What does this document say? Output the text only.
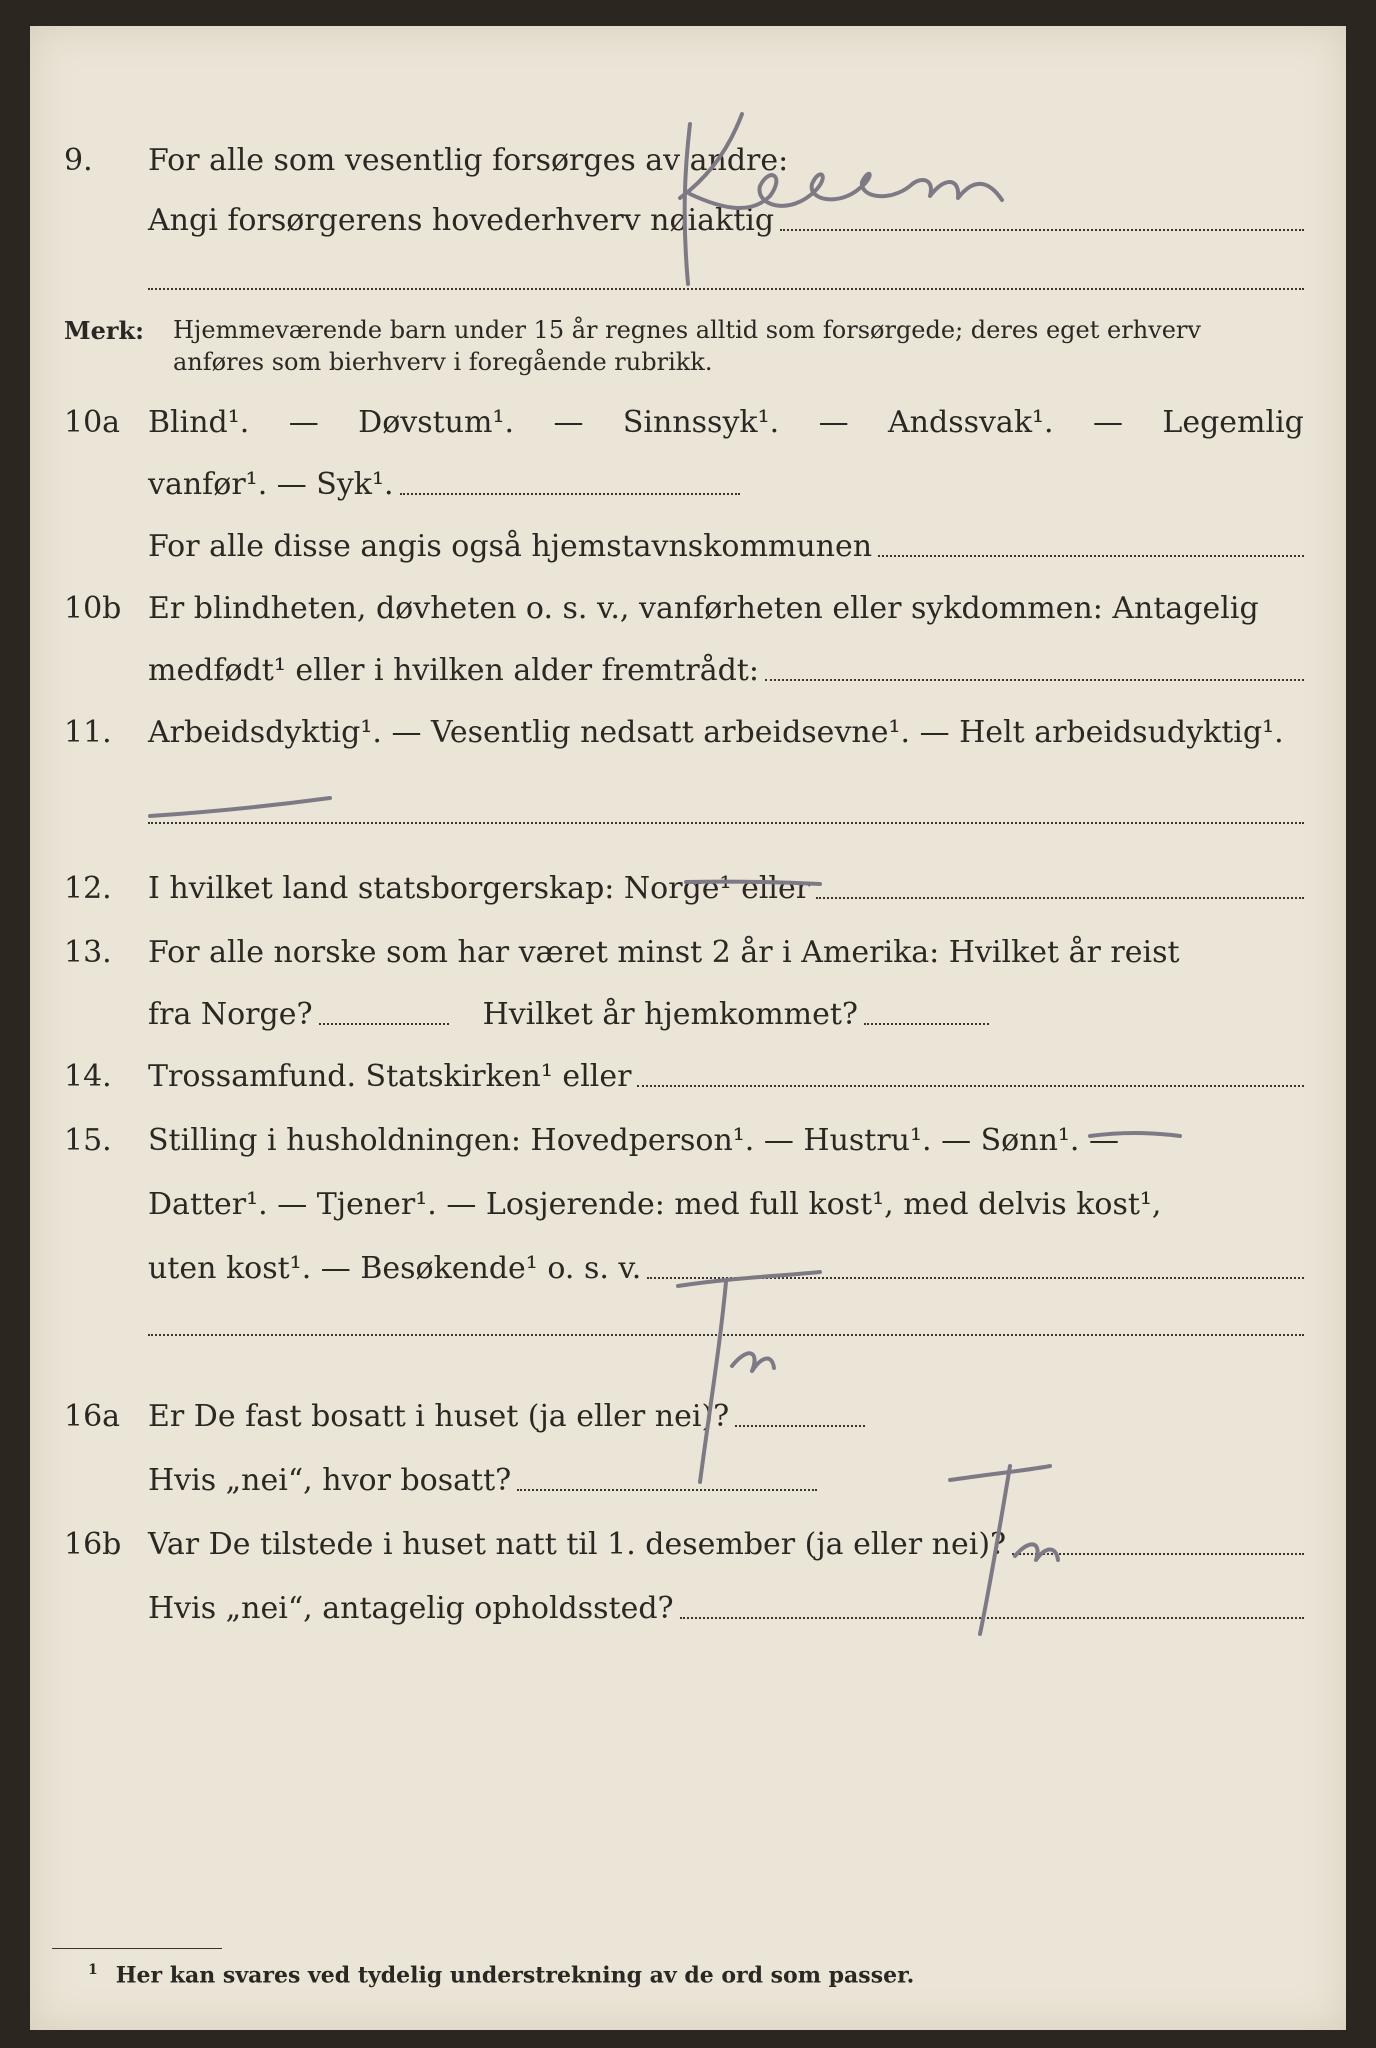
9. For alle som vesentlig forsørges av andre:
Angi forsørgerens hovederhverv nøiaktig
Merk: Hjemmeværende barn under 15 år regnes alltid som forsørgede; deres eget erhverv
anføres som bierhverv i foregående rubrikk.
10a Blind¹. — Døvstum¹. — Sinnssyk¹. — Andssvak¹. — Legemlig
vanfør¹. — Syk¹.
For alle disse angis også hjemstavnskommunen
10b Er blindheten, døvheten o. s. v., vanførheten eller sykdommen: Antagelig
medfødt¹ eller i hvilken alder fremtrådt:
11. Arbeidsdyktig¹. — Vesentlig nedsatt arbeidsevne¹. — Helt arbeidsudyktig¹.
12. I hvilket land statsborgerskap: Norge¹ eller
13. For alle norske som har været minst 2 år i Amerika: Hvilket år reist
fra Norge?	Hvilket år hjemkommet?
14. Trossamfund. Statskirken¹ eller
15. Stilling i husholdningen: Hovedperson¹. — Hustru¹. — Sønn¹. —
Datter¹. — Tjener¹. — Losjerende: med full kost¹, med delvis kost¹,
uten kost¹. — Besøkende¹ o. s. v.
16a Er De fast bosatt i huset (ja eller nei)?
Hvis „nei“, hvor bosatt?
16b Var De tilstede i huset natt til 1. desember (ja eller nei)?
Hvis „nei“, antagelig opholdssted?
$^1$ Her kan svares ved tydelig understrekning av de ord som passer.
